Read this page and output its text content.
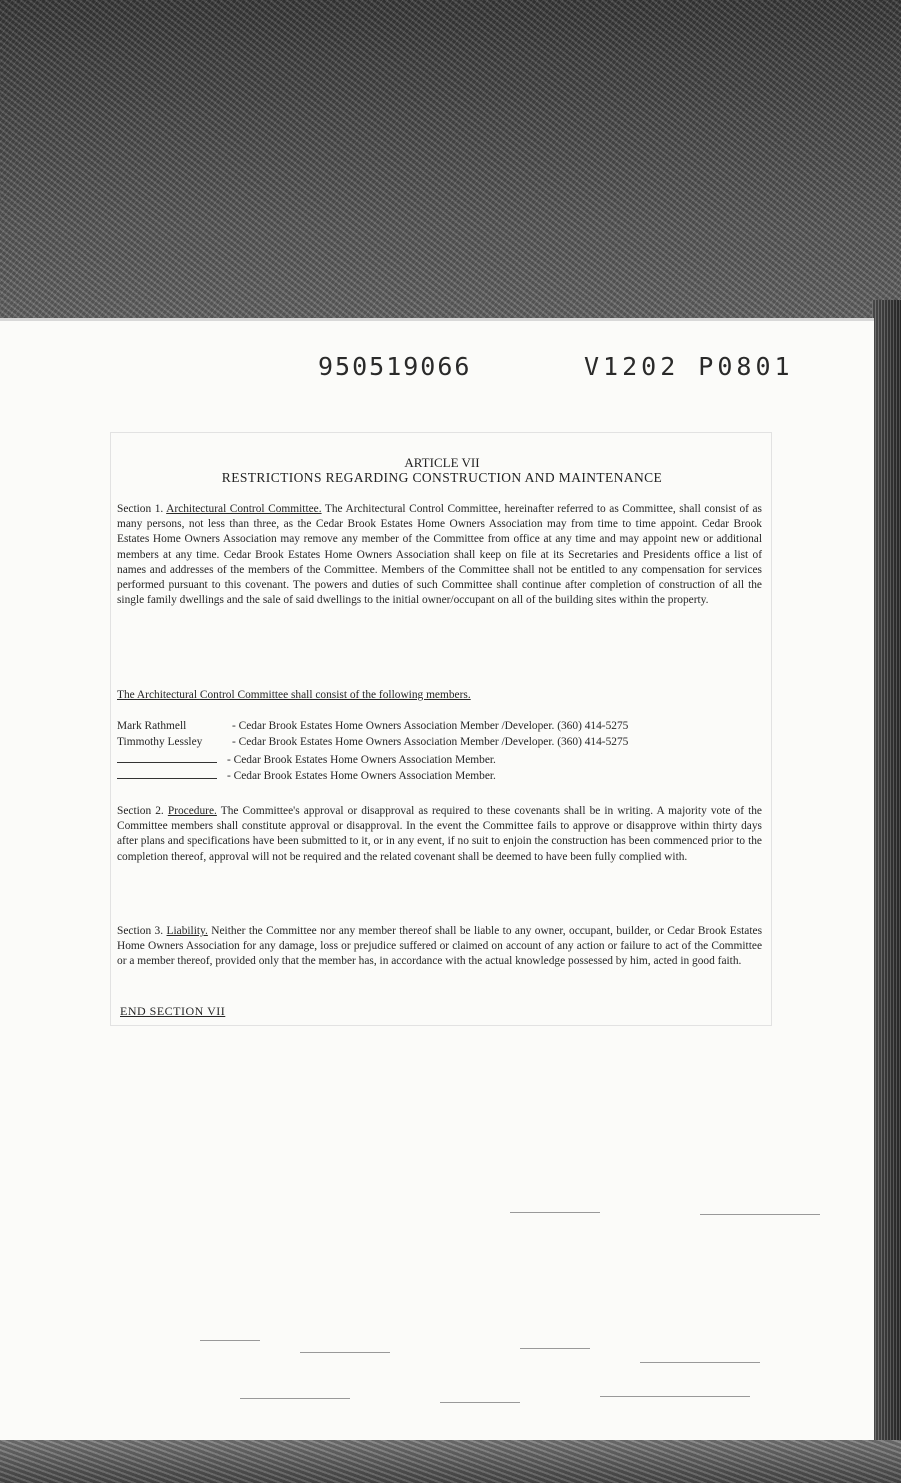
950519066	V1202 P0801
ARTICLE VII
RESTRICTIONS REGARDING CONSTRUCTION AND MAINTENANCE
Section 1. Architectural Control Committee. The Architectural Control Committee, hereinafter referred to as Committee, shall consist of as many persons, not less than three, as the Cedar Brook Estates Home Owners Association may from time to time appoint. Cedar Brook Estates Home Owners Association may remove any member of the Committee from office at any time and may appoint new or additional members at any time. Cedar Brook Estates Home Owners Association shall keep on file at its Secretaries and Presidents office a list of names and addresses of the members of the Committee. Members of the Committee shall not be entitled to any compensation for services performed pursuant to this covenant. The powers and duties of such Committee shall continue after completion of construction of all the single family dwellings and the sale of said dwellings to the initial owner/occupant on all of the building sites within the property.
The Architectural Control Committee shall consist of the following members.
Mark Rathmell	- Cedar Brook Estates Home Owners Association Member /Developer. (360) 414-5275
Timmothy Lessley	- Cedar Brook Estates Home Owners Association Member /Developer. (360) 414-5275
- Cedar Brook Estates Home Owners Association Member.
- Cedar Brook Estates Home Owners Association Member.
Section 2. Procedure. The Committee's approval or disapproval as required to these covenants shall be in writing. A majority vote of the Committee members shall constitute approval or disapproval. In the event the Committee fails to approve or disapprove within thirty days after plans and specifications have been submitted to it, or in any event, if no suit to enjoin the construction has been commenced prior to the completion thereof, approval will not be required and the related covenant shall be deemed to have been fully complied with.
Section 3. Liability. Neither the Committee nor any member thereof shall be liable to any owner, occupant, builder, or Cedar Brook Estates Home Owners Association for any damage, loss or prejudice suffered or claimed on account of any action or failure to act of the Committee or a member thereof, provided only that the member has, in accordance with the actual knowledge possessed by him, acted in good faith.
END SECTION VII
